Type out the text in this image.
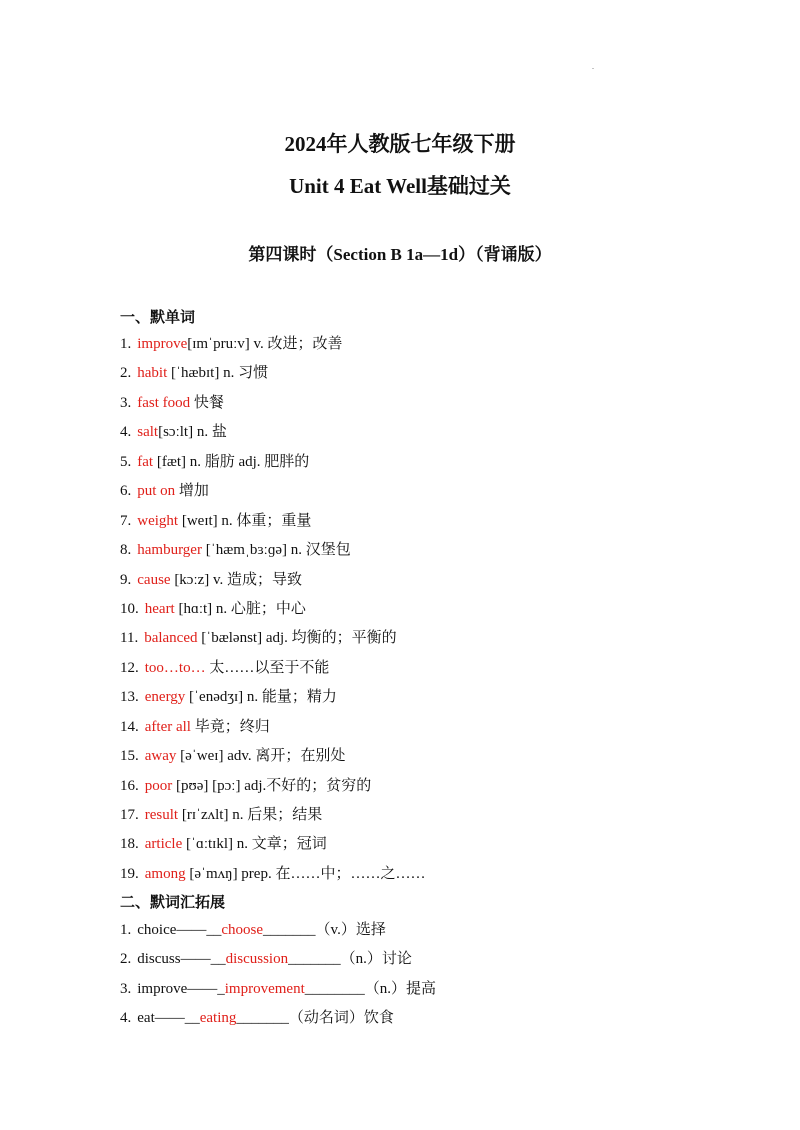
.
2024年人教版七年级下册
Unit 4 Eat Well基础过关
第四课时（Section B 1a—1d）（背诵版）
一、默单词
1. improve[ɪmˈpruːv] v. 改进；改善
2. habit [ˈhæbɪt] n. 习惯
3. fast food 快餐
4. salt[sɔːlt] n. 盐
5. fat [fæt] n. 脂肪 adj. 肥胖的
6. put on 增加
7. weight [weɪt] n. 体重；重量
8. hamburger [ˈhæmˌbɜːɡə] n. 汉堡包
9. cause [kɔːz] v. 造成；导致
10. heart [hɑːt] n. 心脏；中心
11. balanced [ˈbælənst] adj. 均衡的；平衡的
12. too…to… 太……以至于不能
13. energy [ˈenədʒɪ] n. 能量；精力
14. after all 毕竟；终归
15. away [əˈweɪ] adv. 离开；在别处
16. poor [pʊə] [pɔː] adj.不好的；贫穷的
17. result [rɪˈzʌlt] n. 后果；结果
18. article [ˈɑːtɪkl] n. 文章；冠词
19. among [əˈmʌŋ] prep. 在……中；……之……
二、默词汇拓展
1. choice——__choose_______（v.）选择
2. discuss——__discussion_______（n.）讨论
3. improve——_improvement________（n.）提高
4. eat——__eating_______（动名词）饮食
